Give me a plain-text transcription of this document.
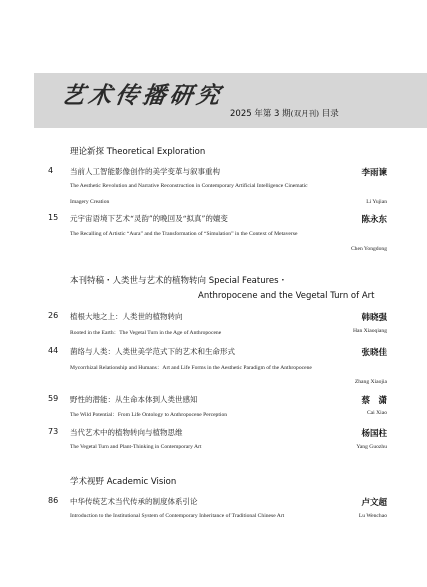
艺术传播研究
2025 年第 3 期(双月刊) 目录
理论新探 Theoretical Exploration
4 当前人工智能影像创作的美学变革与叙事重构	李雨谏
The Aesthetic Revolution and Narrative Reconstruction in Contemporary Artificial Intelligence Cinematic
Imagery Creation	Li Yujian
15 元宇宙语境下艺术“灵韵”的晚回及“拟真”的嬗变	陈永东
The Recalling of Artistic “Aura” and the Transformation of “Simulation” in the Context of Metaverse
Chen Yongdong
本刊特稿・人类世与艺术的植物转向 Special Features・
Anthropocene and the Vegetal Turn of Art
26 植根大地之上：人类世的植物转向	韩晓强
Rooted in the Earth：The Vegetal Turn in the Age of Anthropocene	Han Xiaoqiang
44 菌络与人类：人类世美学范式下的艺术和生命形式	张晓佳
Mycorrhizal Relationship and Humans：Art and Life Forms in the Aesthetic Paradigm of the Anthropocene
Zhang Xiaojia
59 野性的潜能：从生命本体到人类世感知	蔡　潇
The Wild Potential：From Life Ontology to Anthropocene Perception	Cai Xiao
73 当代艺术中的植物转向与植物思维	杨国柱
The Vegetal Turn and Plant-Thinking in Contemporary Art	Yang Guozhu
学术视野 Academic Vision
86 中华传统艺术当代传承的制度体系引论	卢文超
Introduction to the Institutional System of Contemporary Inheritance of Traditional Chinese Art	Lu Wenchao
